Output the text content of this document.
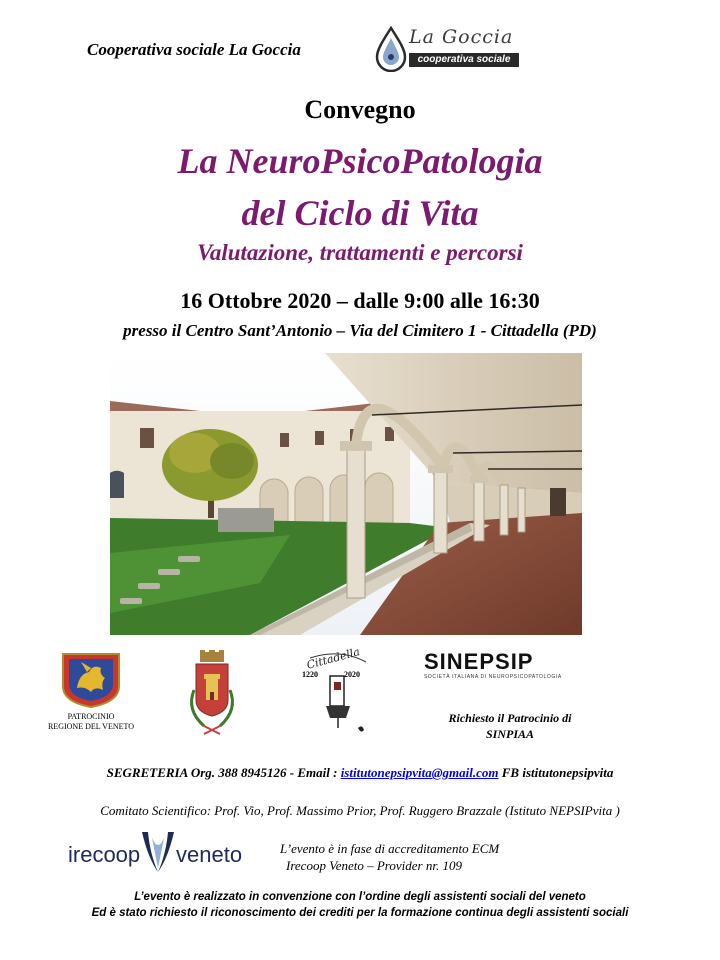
Cooperativa sociale La Goccia
La Goccia
cooperativa sociale
Convegno
La NeuroPsicoPatologia
del Ciclo di Vita
Valutazione, trattamenti e percorsi
16 Ottobre 2020 – dalle 9:00 alle 16:30
presso il Centro Sant’Antonio – Via del Cimitero 1 - Cittadella (PD)
PATROCINIO
REGIONE DEL VENETO
Cittadella
1220	2020
SINEPSIP
SOCIETÀ ITALIANA DI NEUROPSICOPATOLOGIA
Richiesto il Patrocinio di
SINPIAA
SEGRETERIA Org. 388 8945126 - Email : istitutonepsipvita@gmail.com FB istitutonepsipvita
Comitato Scientifico: Prof. Vio, Prof. Massimo Prior, Prof. Ruggero Brazzale (Istituto NEPSIPvita )
irecoop veneto	L’evento è in fase di accreditamento ECM
Irecoop Veneto – Provider nr. 109
L’evento è realizzato in convenzione con l’ordine degli assistenti sociali del veneto
Ed è stato richiesto il riconoscimento dei crediti per la formazione continua degli assistenti sociali
